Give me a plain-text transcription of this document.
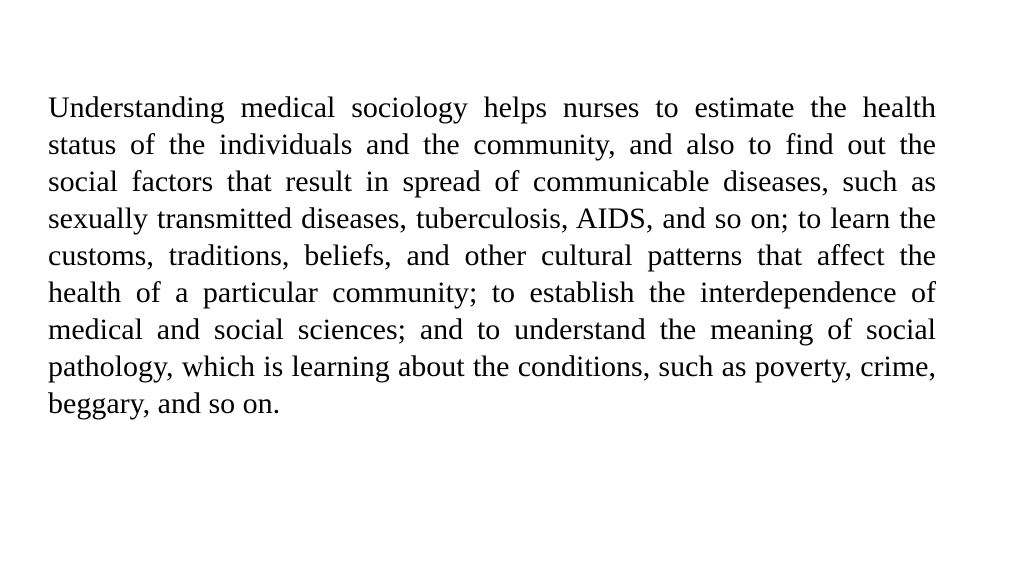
Understanding medical sociology helps nurses to estimate the health status of the individuals and the community, and also to find out the social factors that result in spread of communicable diseases, such as sexually transmitted diseases, tuberculosis, AIDS, and so on; to learn the customs, traditions, beliefs, and other cultural patterns that affect the health of a particular community; to establish the interdependence of medical and social sciences; and to understand the meaning of social pathology, which is learning about the conditions, such as poverty, crime, beggary, and so on.
